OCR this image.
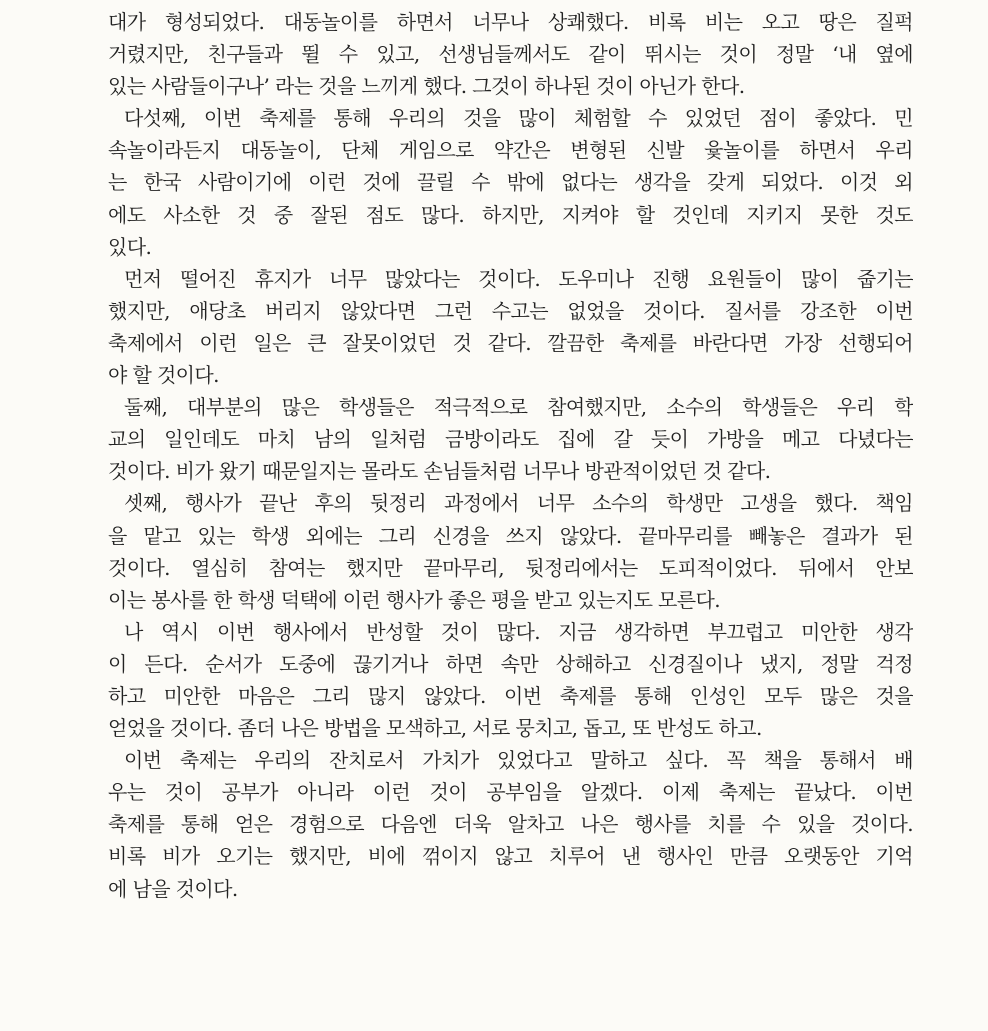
대가 형성되었다. 대동놀이를 하면서 너무나 상쾌했다. 비록 비는 오고 땅은 질퍽
거렸지만, 친구들과 뛸 수 있고, 선생님들께서도 같이 뛰시는 것이 정말 ‘내 옆에
있는 사람들이구나’ 라는 것을 느끼게 했다. 그것이 하나된 것이 아닌가 한다.
다섯째, 이번 축제를 통해 우리의 것을 많이 체험할 수 있었던 점이 좋았다. 민
속놀이라든지 대동놀이, 단체 게임으로 약간은 변형된 신발 윷놀이를 하면서 우리
는 한국 사람이기에 이런 것에 끌릴 수 밖에 없다는 생각을 갖게 되었다. 이것 외
에도 사소한 것 중 잘된 점도 많다. 하지만, 지켜야 할 것인데 지키지 못한 것도
있다.
먼저 떨어진 휴지가 너무 많았다는 것이다. 도우미나 진행 요원들이 많이 줍기는
했지만, 애당초 버리지 않았다면 그런 수고는 없었을 것이다. 질서를 강조한 이번
축제에서 이런 일은 큰 잘못이었던 것 같다. 깔끔한 축제를 바란다면 가장 선행되어
야 할 것이다.
둘째, 대부분의 많은 학생들은 적극적으로 참여했지만, 소수의 학생들은 우리 학
교의 일인데도 마치 남의 일처럼 금방이라도 집에 갈 듯이 가방을 메고 다녔다는
것이다. 비가 왔기 때문일지는 몰라도 손님들처럼 너무나 방관적이었던 것 같다.
셋째, 행사가 끝난 후의 뒷정리 과정에서 너무 소수의 학생만 고생을 했다. 책임
을 맡고 있는 학생 외에는 그리 신경을 쓰지 않았다. 끝마무리를 빼놓은 결과가 된
것이다. 열심히 참여는 했지만 끝마무리, 뒷정리에서는 도피적이었다. 뒤에서 안보
이는 봉사를 한 학생 덕택에 이런 행사가 좋은 평을 받고 있는지도 모른다.
나 역시 이번 행사에서 반성할 것이 많다. 지금 생각하면 부끄럽고 미안한 생각
이 든다. 순서가 도중에 끊기거나 하면 속만 상해하고 신경질이나 냈지, 정말 걱정
하고 미안한 마음은 그리 많지 않았다. 이번 축제를 통해 인성인 모두 많은 것을
얻었을 것이다. 좀더 나은 방법을 모색하고, 서로 뭉치고, 돕고, 또 반성도 하고.
이번 축제는 우리의 잔치로서 가치가 있었다고 말하고 싶다. 꼭 책을 통해서 배
우는 것이 공부가 아니라 이런 것이 공부임을 알겠다. 이제 축제는 끝났다. 이번
축제를 통해 얻은 경험으로 다음엔 더욱 알차고 나은 행사를 치를 수 있을 것이다.
비록 비가 오기는 했지만, 비에 꺾이지 않고 치루어 낸 행사인 만큼 오랫동안 기억
에 남을 것이다.
